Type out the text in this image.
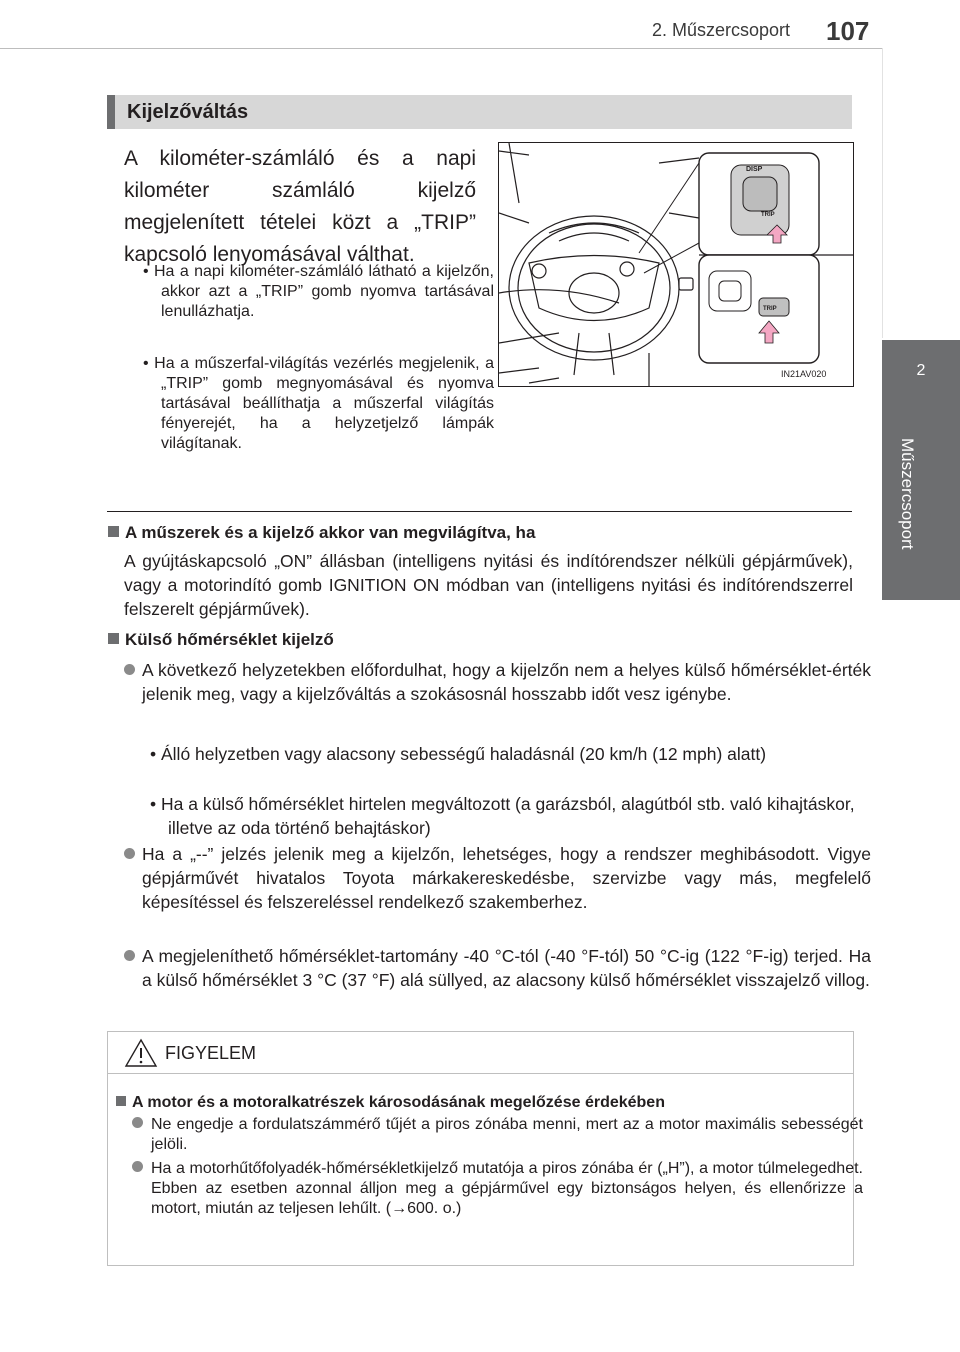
2. Műszercsoport 107
2
Műszercsoport
Kijelzőváltás
A kilométer-számláló és a napi kilométer számláló kijelző megjelenített tételei közt a „TRIP” kapcsoló lenyomásával válthat.
• Ha a napi kilométer-számláló látható a kijelzőn, akkor azt a „TRIP” gomb nyomva tartásával lenullázhatja.
• Ha a műszerfal-világítás vezérlés megjelenik, a „TRIP” gomb megnyomásával és nyomva tartásával beállíthatja a műszerfal világítás fényerejét, ha a helyzetjelző lámpák világítanak.
DISP
TRIP
TRIP
IN21AV020
A műszerek és a kijelző akkor van megvilágítva, ha
A gyújtáskapcsoló „ON” állásban (intelligens nyitási és indítórendszer nélküli gépjárművek), vagy a motorindító gomb IGNITION ON módban van (intelligens nyitási és indítórendszerrel felszerelt gépjárművek).
Külső hőmérséklet kijelző
A következő helyzetekben előfordulhat, hogy a kijelzőn nem a helyes külső hőmérséklet-érték jelenik meg, vagy a kijelzőváltás a szokásosnál hosszabb időt vesz igénybe.
• Álló helyzetben vagy alacsony sebességű haladásnál (20 km/h (12 mph) alatt)
• Ha a külső hőmérséklet hirtelen megváltozott (a garázsból, alagútból stb. való kihajtáskor, illetve az oda történő behajtáskor)
Ha a „--” jelzés jelenik meg a kijelzőn, lehetséges, hogy a rendszer meghibásodott. Vigye gépjárművét hivatalos Toyota márkakereskedésbe, szervizbe vagy más, megfelelő képesítéssel és felszereléssel rendelkező szakemberhez.
A megjeleníthető hőmérséklet-tartomány -40 °C-tól (-40 °F-tól) 50 °C-ig (122 °F-ig) terjed. Ha a külső hőmérséklet 3 °C (37 °F) alá süllyed, az alacsony külső hőmérséklet visszajelző villog.
FIGYELEM
A motor és a motoralkatrészek károsodásának megelőzése érdekében
Ne engedje a fordulatszámmérő tűjét a piros zónába menni, mert az a motor maximális sebességét jelöli.
Ha a motorhűtőfolyadék-hőmérsékletkijelző mutatója a piros zónába ér („H”), a motor túlmelegedhet. Ebben az esetben azonnal álljon meg a gépjárművel egy biztonságos helyen, és ellenőrizze a motort, miután az teljesen lehűlt. (→600. o.)
